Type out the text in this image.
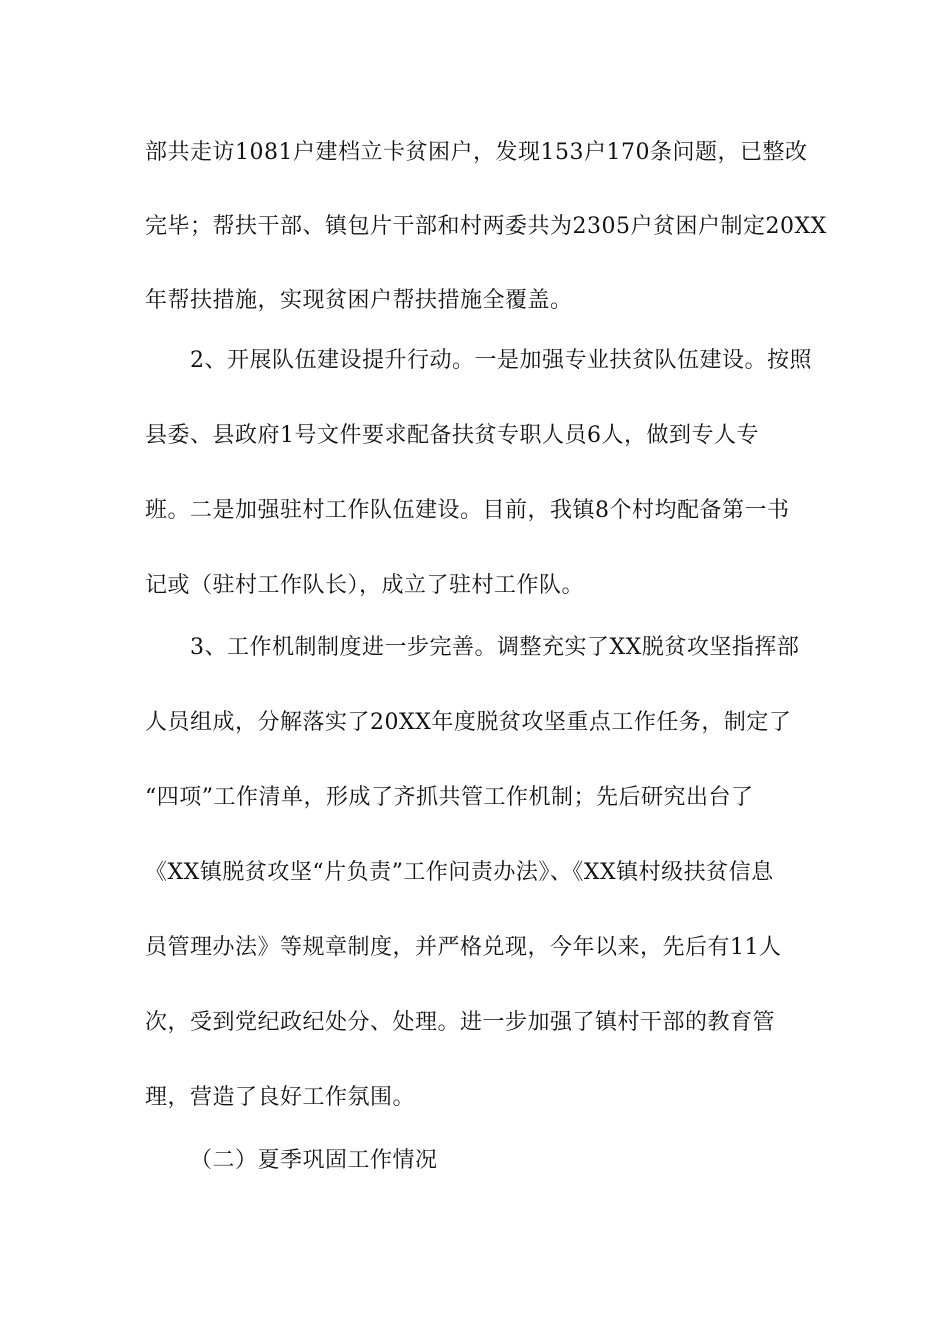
部共走访1081户建档立卡贫困户，发现153户170条问题，已整改
完毕；帮扶干部、镇包片干部和村两委共为2305户贫困户制定20XX
年帮扶措施，实现贫困户帮扶措施全覆盖。
2、开展队伍建设提升行动。一是加强专业扶贫队伍建设。按照
县委、县政府1号文件要求配备扶贫专职人员6人，做到专人专
班。二是加强驻村工作队伍建设。目前，我镇8个村均配备第一书
记或（驻村工作队长），成立了驻村工作队。
3、工作机制制度进一步完善。调整充实了XX脱贫攻坚指挥部
人员组成，分解落实了20XX年度脱贫攻坚重点工作任务，制定了
“四项”工作清单，形成了齐抓共管工作机制；先后研究出台了
《XX镇脱贫攻坚“片负责”工作问责办法》、《XX镇村级扶贫信息
员管理办法》等规章制度，并严格兑现，今年以来，先后有11人
次，受到党纪政纪处分、处理。进一步加强了镇村干部的教育管
理，营造了良好工作氛围。
（二）夏季巩固工作情况
